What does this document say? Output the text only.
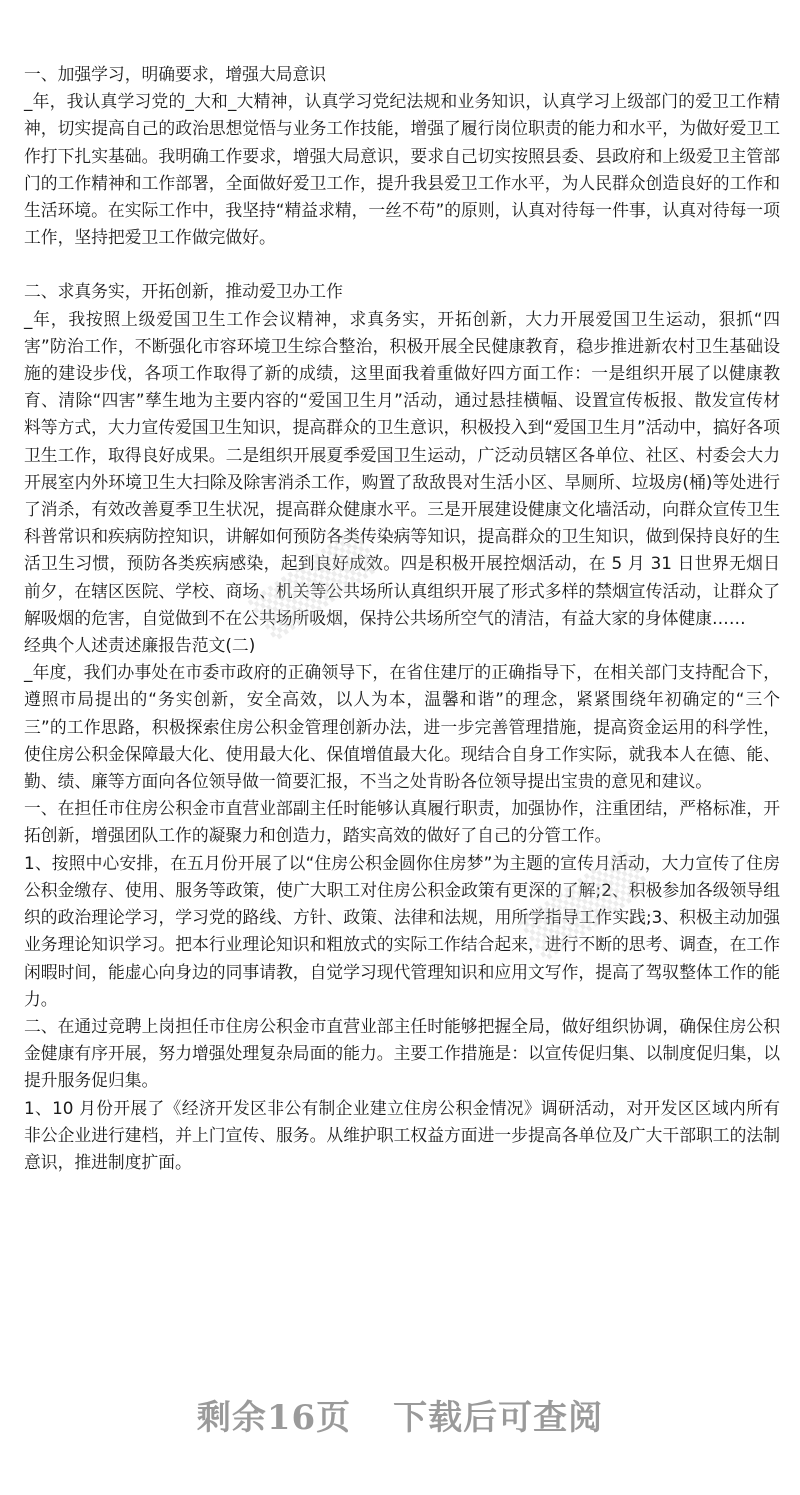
一、加强学习，明确要求，增强大局意识

_年，我认真学习党的_大和_大精神，认真学习党纪法规和业务知识，认真学习上级部门的爱卫工作精神，切实提高自己的政治思想觉悟与业务工作技能，增强了履行岗位职责的能力和水平，为做好爱卫工作打下扎实基础。我明确工作要求，增强大局意识，要求自己切实按照县委、县政府和上级爱卫主管部门的工作精神和工作部署，全面做好爱卫工作，提升我县爱卫工作水平，为人民群众创造良好的工作和生活环境。在实际工作中，我坚持“精益求精，一丝不苟”的原则，认真对待每一件事，认真对待每一项工作，坚持把爱卫工作做完做好。

二、求真务实，开拓创新，推动爱卫办工作

_年，我按照上级爱国卫生工作会议精神，求真务实，开拓创新，大力开展爱国卫生运动，狠抓“四害”防治工作，不断强化市容环境卫生综合整治，积极开展全民健康教育，稳步推进新农村卫生基础设施的建设步伐，各项工作取得了新的成绩，这里面我着重做好四方面工作：一是组织开展了以健康教育、清除“四害”孳生地为主要内容的“爱国卫生月”活动，通过悬挂横幅、设置宣传板报、散发宣传材料等方式，大力宣传爱国卫生知识，提高群众的卫生意识，积极投入到“爱国卫生月”活动中，搞好各项卫生工作，取得良好成果。二是组织开展夏季爱国卫生运动，广泛动员辖区各单位、社区、村委会大力开展室内外环境卫生大扫除及除害消杀工作，购置了敌敌畏对生活小区、旱厕所、垃圾房(桶)等处进行了消杀，有效改善夏季卫生状况，提高群众健康水平。三是开展建设健康文化墙活动，向群众宣传卫生科普常识和疾病防控知识，讲解如何预防各类传染病等知识，提高群众的卫生知识，做到保持良好的生活卫生习惯，预防各类疾病感染，起到良好成效。四是积极开展控烟活动，在 5 月 31 日世界无烟日前夕，在辖区医院、学校、商场、机关等公共场所认真组织开展了形式多样的禁烟宣传活动，让群众了解吸烟的危害，自觉做到不在公共场所吸烟，保持公共场所空气的清洁，有益大家的身体健康……

经典个人述责述廉报告范文(二)

_年度，我们办事处在市委市政府的正确领导下，在省住建厅的正确指导下，在相关部门支持配合下，遵照市局提出的“务实创新，安全高效，以人为本，温馨和谐”的理念，紧紧围绕年初确定的“三个三”的工作思路，积极探索住房公积金管理创新办法，进一步完善管理措施，提高资金运用的科学性，使住房公积金保障最大化、使用最大化、保值增值最大化。现结合自身工作实际，就我本人在德、能、勤、绩、廉等方面向各位领导做一简要汇报，不当之处肯盼各位领导提出宝贵的意见和建议。

一、在担任市住房公积金市直营业部副主任时能够认真履行职责，加强协作，注重团结，严格标准，开拓创新，增强团队工作的凝聚力和创造力，踏实高效的做好了自己的分管工作。

1、按照中心安排，在五月份开展了以“住房公积金圆你住房梦”为主题的宣传月活动，大力宣传了住房公积金缴存、使用、服务等政策，使广大职工对住房公积金政策有更深的了解;2、积极参加各级领导组织的政治理论学习，学习党的路线、方针、政策、法律和法规，用所学指导工作实践;3、积极主动加强业务理论知识学习。把本行业理论知识和粗放式的实际工作结合起来，进行不断的思考、调查，在工作闲暇时间，能虚心向身边的同事请教，自觉学习现代管理知识和应用文写作，提高了驾驭整体工作的能力。

二、在通过竞聘上岗担任市住房公积金市直营业部主任时能够把握全局，做好组织协调，确保住房公积金健康有序开展，努力增强处理复杂局面的能力。主要工作措施是：以宣传促归集、以制度促归集，以提升服务促归集。

1、10 月份开展了《经济开发区非公有制企业建立住房公积金情况》调研活动，对开发区区域内所有非公企业进行建档，并上门宣传、服务。从维护职工权益方面进一步提高各单位及广大干部职工的法制意识，推进制度扩面。

▒▒▒▒
▒▒▒▒
剩余16页 下载后可查阅
